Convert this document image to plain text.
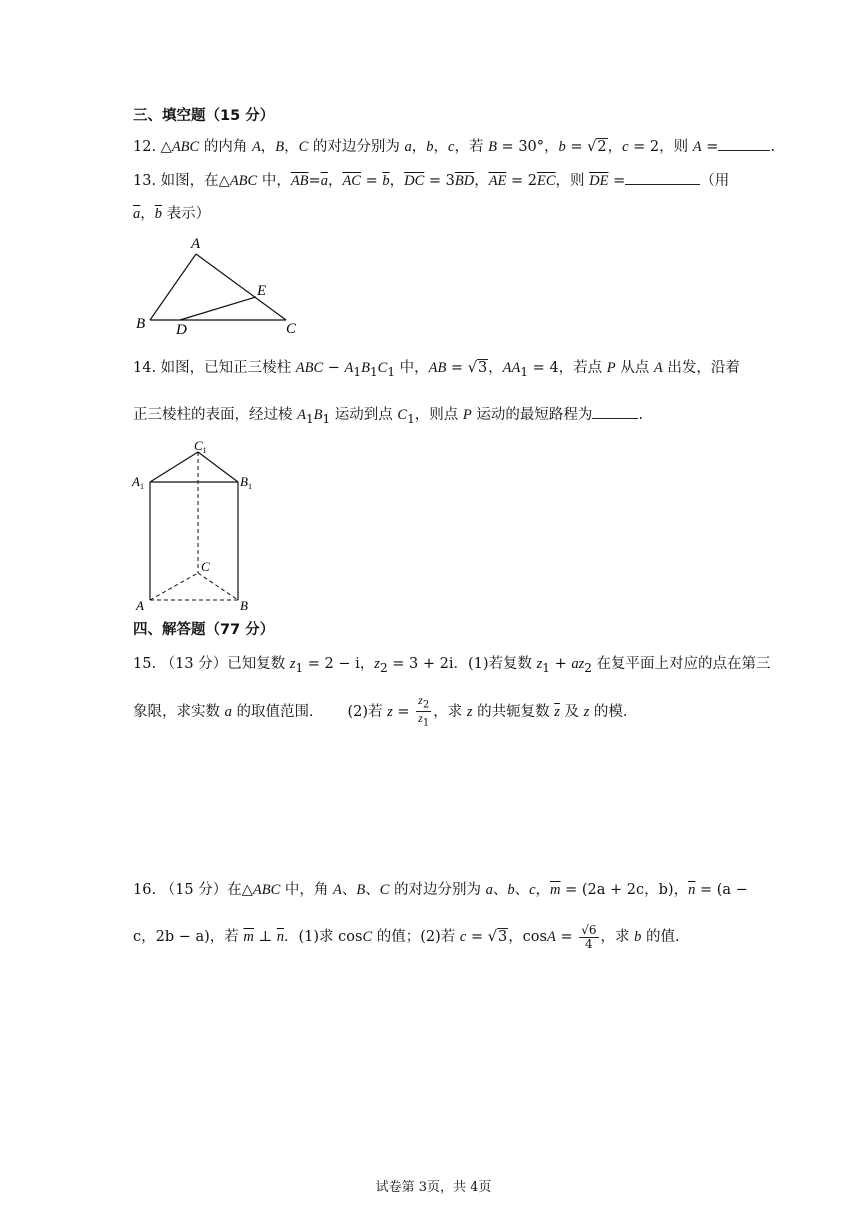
三、填空题（15 分）
12. △ABC 的内角 A，B，C 的对边分别为 a，b，c，若 B = 30°，b = √2，c = 2，则 A =	.
13. 如图，在△ABC 中，$\overline{AB}=\overline{a}$，$\overline{AC} = \overline{b}$，$\overline{DC} = 3\overline{BD}$，$\overline{AE} = 2\overline{EC}$，则 $\overline{DE}$ =	（用
$\overline{a}$，$\overline{b}$ 表示）
A
B	C
D
E
14. 如图，已知正三棱柱 ABC − $A_1B_1C_1$ 中，AB = √3，$AA_1 = 4$，若点 P 从点 A 出发，沿着
正三棱柱的表面，经过棱 $A_1B_1$ 运动到点 $C_1$，则点 P 运动的最短路程为	.
$C_1$
$A_1$	$B_1$
C
A	B
四、解答题（77 分）
15. （13 分）已知复数 $z_1 = 2 - i$，$z_2 = 3 + 2i$．(1)若复数 $z_1 + az_2$ 在复平面上对应的点在第三
象限，求实数 a 的取值范围． (2)若 $z = \frac{z_2}{z_1}$ ，求 z 的共轭复数 $\overline{z}$ 及 z 的模.
16. （15 分）在△ABC 中，角 A、B、C 的对边分别为 a、b、c，$\overline{m} = (2a + 2c$，b)，$\overline{n} = (a$ −
c，2b − a)，若 $\overline{m}$ ⊥ $\overline{n}$．(1)求 cosC 的值；(2)若 c = √3，$\cos A = \frac{√6}{4}$ ，求 b 的值.
试卷第 3页，共 4页
